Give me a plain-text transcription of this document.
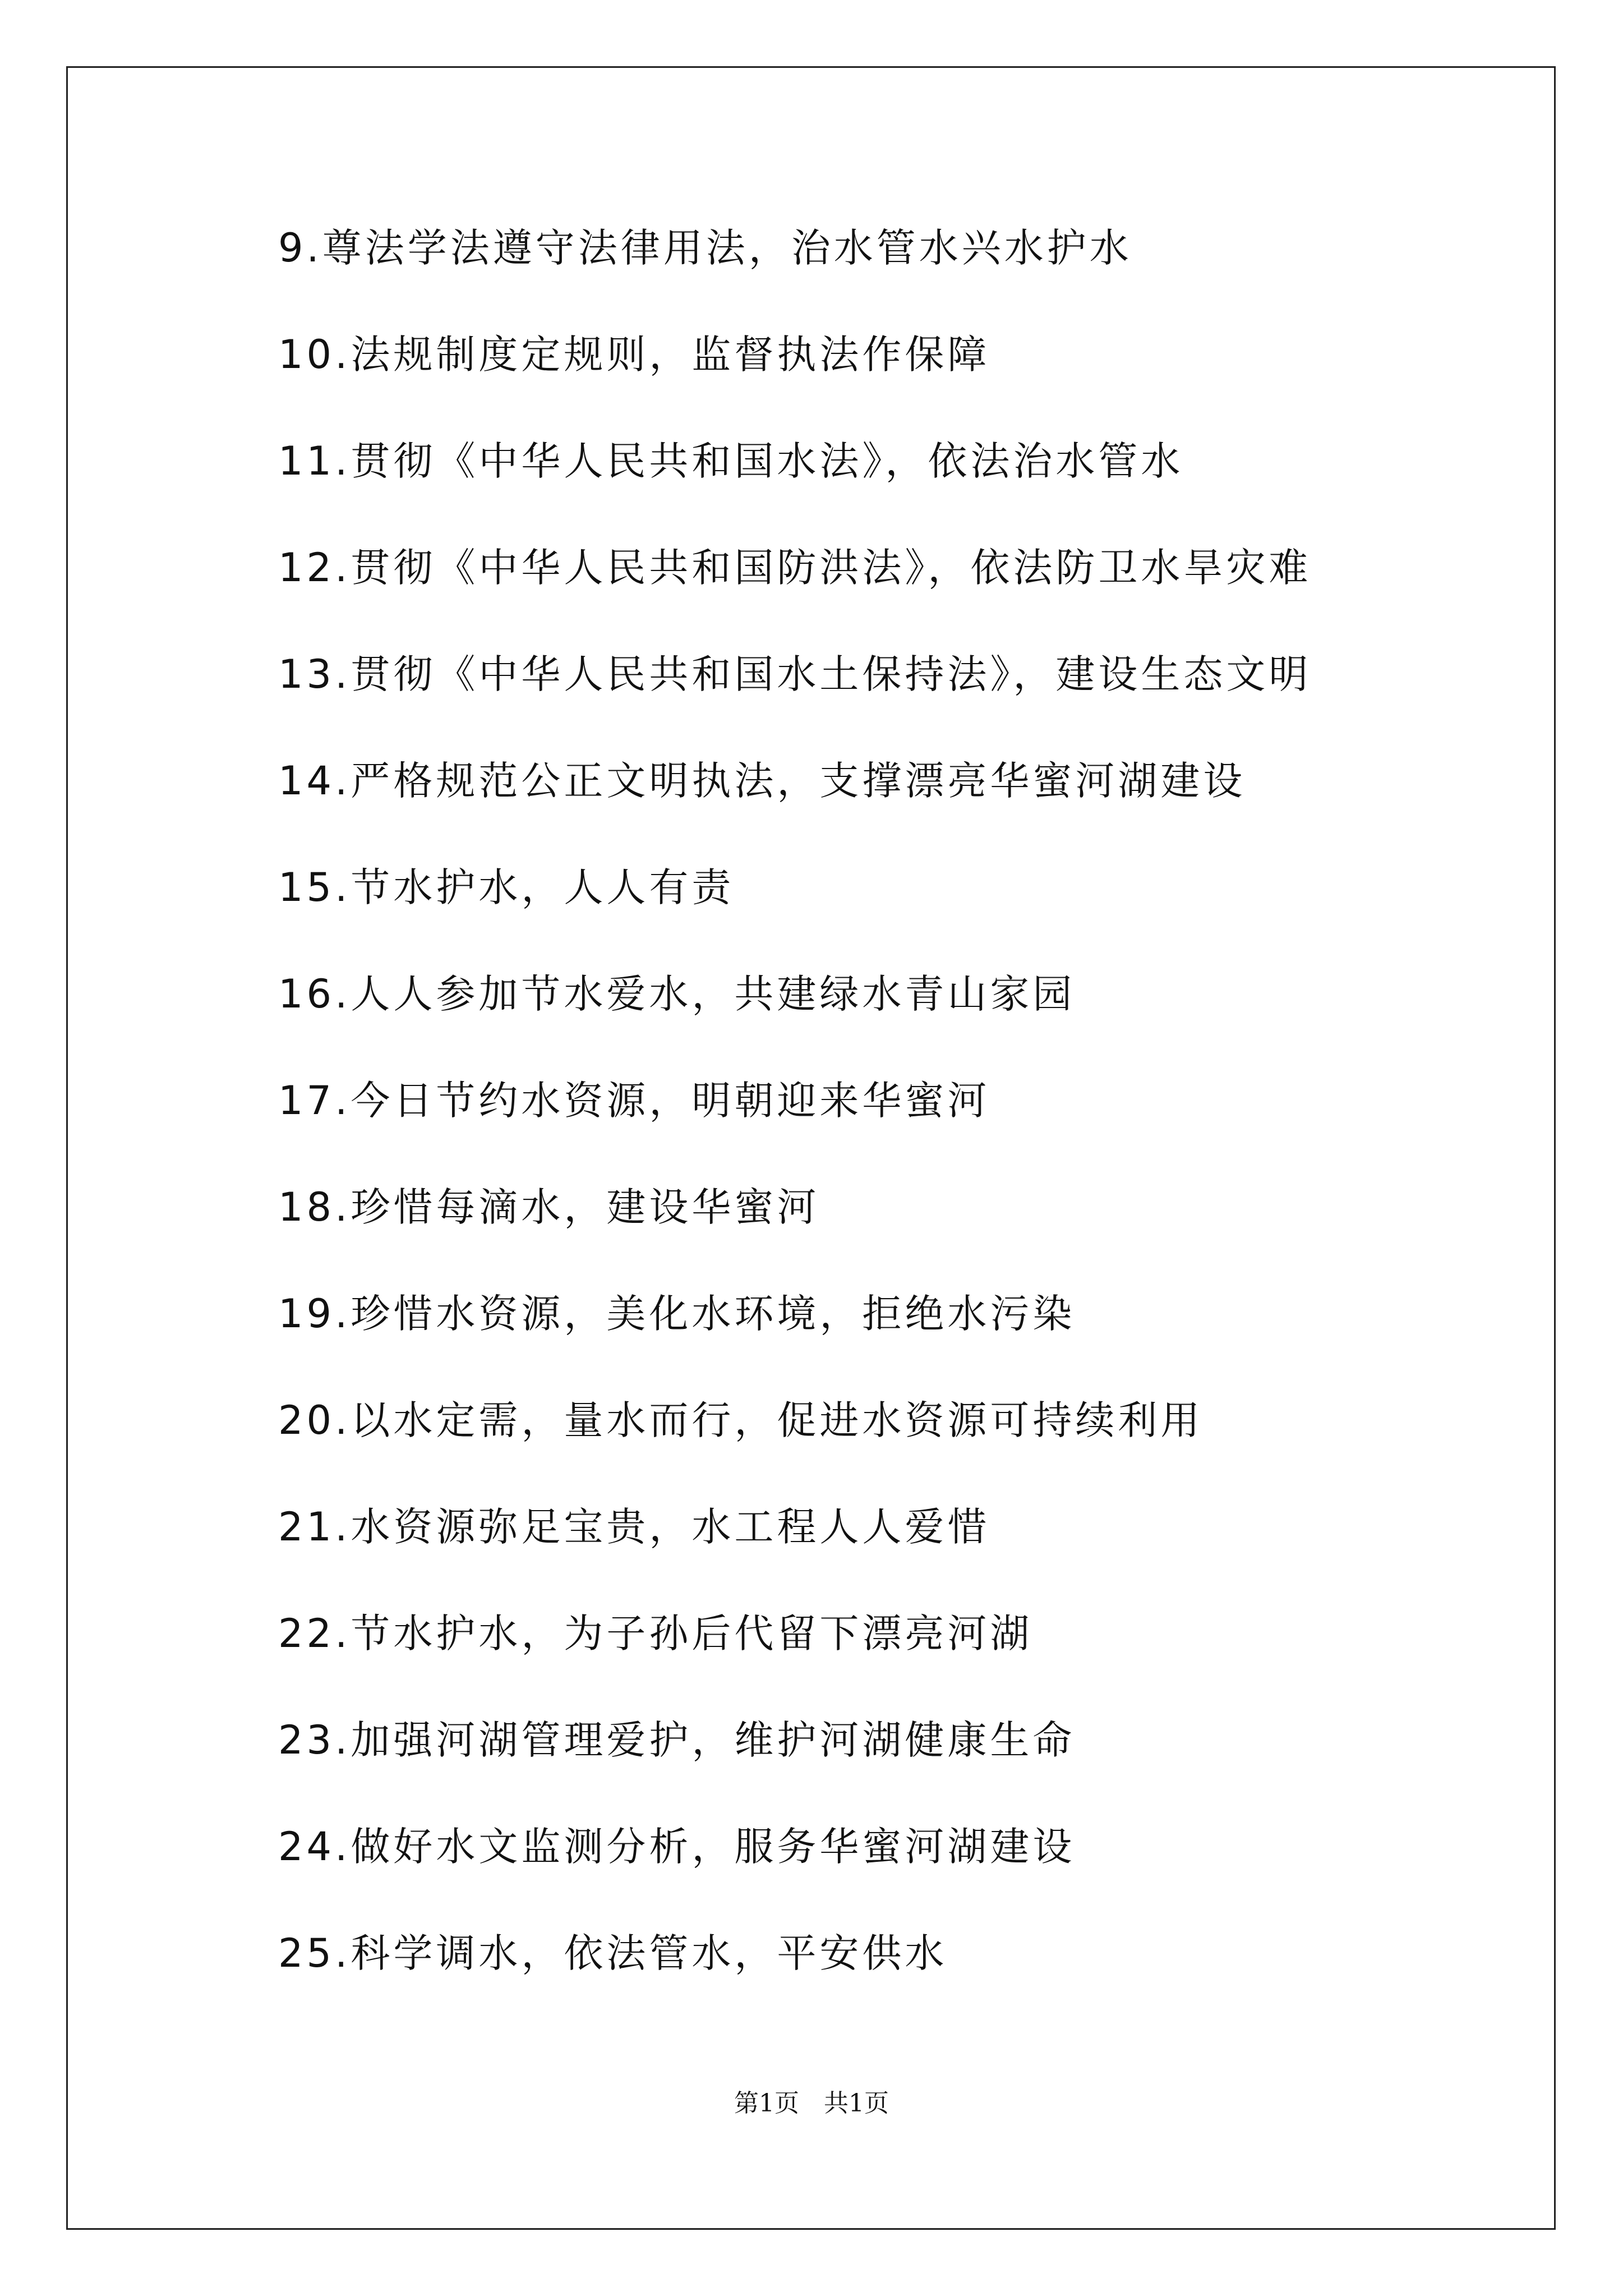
9.尊法学法遵守法律用法，治水管水兴水护水
10.法规制度定规则，监督执法作保障
11.贯彻《中华人民共和国水法》，依法治水管水
12.贯彻《中华人民共和国防洪法》，依法防卫水旱灾难
13.贯彻《中华人民共和国水土保持法》，建设生态文明
14.严格规范公正文明执法，支撑漂亮华蜜河湖建设
15.节水护水，人人有责
16.人人参加节水爱水，共建绿水青山家园
17.今日节约水资源，明朝迎来华蜜河
18.珍惜每滴水，建设华蜜河
19.珍惜水资源，美化水环境，拒绝水污染
20.以水定需，量水而行，促进水资源可持续利用
21.水资源弥足宝贵，水工程人人爱惜
22.节水护水，为子孙后代留下漂亮河湖
23.加强河湖管理爱护，维护河湖健康生命
24.做好水文监测分析，服务华蜜河湖建设
25.科学调水，依法管水，平安供水
第1页　共1页
